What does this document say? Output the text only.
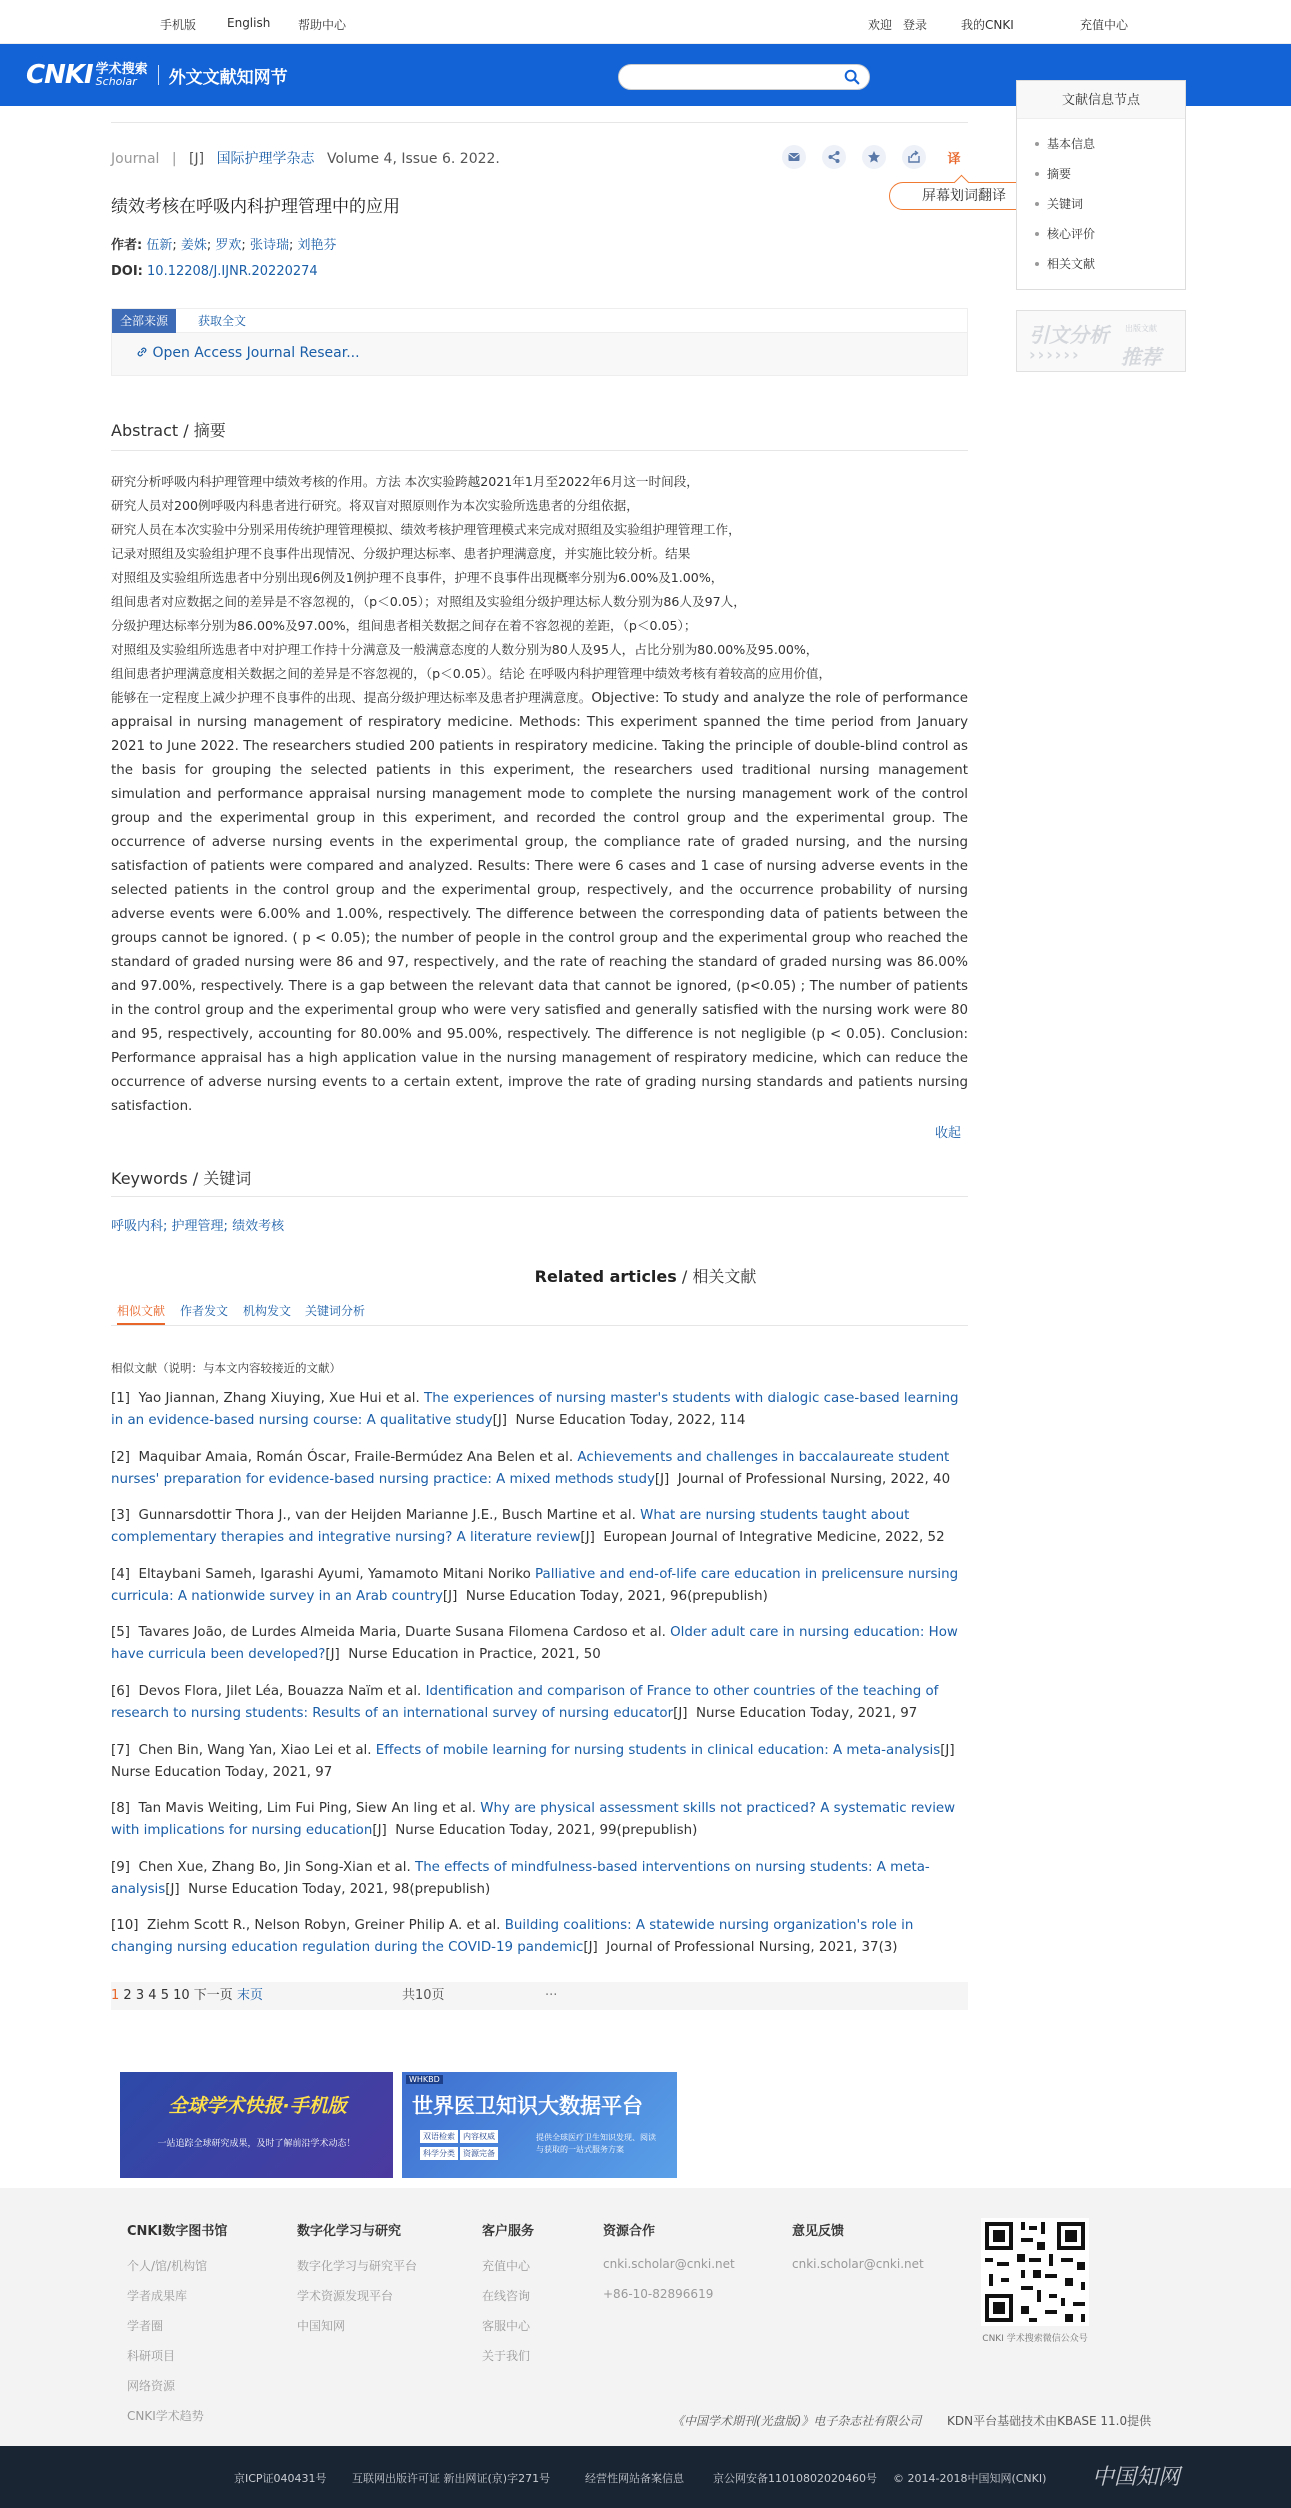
手机版	English 帮助中心	欢迎 登录	我的CNKI	充值中心
CNKI 学术搜索
Scholar	外文文献知网节
Journal | [J] 国际护理学杂志 Volume 4, Issue 6. 2022.	译
屏幕划词翻译
绩效考核在呼吸内科护理管理中的应用
作者: 伍新; 姜姝; 罗欢; 张诗瑞; 刘艳芬
DOI: 10.12208/J.IJNR.20220274
全部来源	获取全文
Open Access Journal Resear...
Abstract / 摘要
研究分析呼吸内科护理管理中绩效考核的作用。方法 本次实验跨越2021年1月至2022年6月这一时间段，
研究人员对200例呼吸内科患者进行研究。将双盲对照原则作为本次实验所选患者的分组依据，
研究人员在本次实验中分别采用传统护理管理模拟、绩效考核护理管理模式来完成对照组及实验组护理管理工作，
记录对照组及实验组护理不良事件出现情况、分级护理达标率、患者护理满意度，并实施比较分析。结果
对照组及实验组所选患者中分别出现6例及1例护理不良事件，护理不良事件出现概率分别为6.00%及1.00%，
组间患者对应数据之间的差异是不容忽视的，（p＜0.05）；对照组及实验组分级护理达标人数分别为86人及97人，
分级护理达标率分别为86.00%及97.00%，组间患者相关数据之间存在着不容忽视的差距，（p＜0.05）；
对照组及实验组所选患者中对护理工作持十分满意及一般满意态度的人数分别为80人及95人，占比分别为80.00%及95.00%，
组间患者护理满意度相关数据之间的差异是不容忽视的，（p＜0.05）。结论 在呼吸内科护理管理中绩效考核有着较高的应用价值，
能够在一定程度上减少护理不良事件的出现、提高分级护理达标率及患者护理满意度。Objective: To study and analyze the role of performance appraisal in nursing management of respiratory medicine. Methods: This experiment spanned the time period from January 2021 to June 2022. The researchers studied 200 patients in respiratory medicine. Taking the principle of double-blind control as the basis for grouping the selected patients in this experiment, the researchers used traditional nursing management simulation and performance appraisal nursing management mode to complete the nursing management work of the control group and the experimental group in this experiment, and recorded the control group and the experimental group. The occurrence of adverse nursing events in the experimental group, the compliance rate of graded nursing, and the nursing satisfaction of patients were compared and analyzed. Results: There were 6 cases and 1 case of nursing adverse events in the selected patients in the control group and the experimental group, respectively, and the occurrence probability of nursing adverse events were 6.00% and 1.00%, respectively. The difference between the corresponding data of patients between the groups cannot be ignored. ( p < 0.05); the number of people in the control group and the experimental group who reached the standard of graded nursing were 86 and 97, respectively, and the rate of reaching the standard of graded nursing was 86.00% and 97.00%, respectively. There is a gap between the relevant data that cannot be ignored, (p<0.05) ; The number of patients in the control group and the experimental group who were very satisfied and generally satisfied with the nursing work were 80 and 95, respectively, accounting for 80.00% and 95.00%, respectively. The difference is not negligible (p < 0.05). Conclusion: Performance appraisal has a high application value in the nursing management of respiratory medicine, which can reduce the occurrence of adverse nursing events to a certain extent, improve the rate of grading nursing standards and patients nursing satisfaction.
收起
Keywords / 关键词
呼吸内科; 护理管理; 绩效考核
Related articles / 相关文献
相似文献 作者发文 机构发文 关键词分析
相似文献（说明：与本文内容较接近的文献）
[1] Yao Jiannan, Zhang Xiuying, Xue Hui et al. The experiences of nursing master's students with dialogic case-based learning in an evidence-based nursing course: A qualitative study[J] Nurse Education Today, 2022, 114
[2] Maquibar Amaia, Román Óscar, Fraile-Bermúdez Ana Belen et al. Achievements and challenges in baccalaureate student nurses' preparation for evidence-based nursing practice: A mixed methods study[J] Journal of Professional Nursing, 2022, 40
[3] Gunnarsdottir Thora J., van der Heijden Marianne J.E., Busch Martine et al. What are nursing students taught about complementary therapies and integrative nursing? A literature review[J] European Journal of Integrative Medicine, 2022, 52
[4] Eltaybani Sameh, Igarashi Ayumi, Yamamoto Mitani Noriko Palliative and end-of-life care education in prelicensure nursing curricula: A nationwide survey in an Arab country[J] Nurse Education Today, 2021, 96(prepublish)
[5] Tavares João, de Lurdes Almeida Maria, Duarte Susana Filomena Cardoso et al. Older adult care in nursing education: How have curricula been developed?[J] Nurse Education in Practice, 2021, 50
[6] Devos Flora, Jilet Léa, Bouazza Naïm et al. Identification and comparison of France to other countries of the teaching of research to nursing students: Results of an international survey of nursing educator[J] Nurse Education Today, 2021, 97
[7] Chen Bin, Wang Yan, Xiao Lei et al. Effects of mobile learning for nursing students in clinical education: A meta-analysis[J]  Nurse Education Today, 2021, 97
[8] Tan Mavis Weiting, Lim Fui Ping, Siew An ling et al. Why are physical assessment skills not practiced? A systematic review with implications for nursing education[J] Nurse Education Today, 2021, 99(prepublish)
[9] Chen Xue, Zhang Bo, Jin Song-Xian et al. The effects of mindfulness-based interventions on nursing students: A meta-analysis[J] Nurse Education Today, 2021, 98(prepublish)
[10] Ziehm Scott R., Nelson Robyn, Greiner Philip A. et al. Building coalitions: A statewide nursing organization's role in changing nursing education regulation during the COVID-19 pandemic[J] Journal of Professional Nursing, 2021, 37(3)
共10页
1 2 3 4 5	···
10 下一页 末页
全球学术快报·手机版
一站追踪全球研究成果，及时了解前沿学术动态！
WHKBD
世界医卫知识大数据平台
双语检索 内容权威 科学分类 资源完备
提供全球医疗卫生知识发现、阅读与获取的一站式服务方案
文献信息节点
基本信息
摘要
关键词
核心评价
相关文献
引文分析
››››››
出版文献
推荐
CNKI数字图书馆
个人/馆/机构馆
学者成果库
学者圈
科研项目
网络资源
CNKI学术趋势
数字化学习与研究
数字化学习与研究平台
学术资源发现平台
中国知网
客户服务
充值中心
在线咨询
客服中心
关于我们
资源合作
cnki.scholar@cnki.net
+86-10-82896619
意见反馈
cnki.scholar@cnki.net
CNKI 学术搜索微信公众号
《中国学术期刊(光盘版)》电子杂志社有限公司 KDN平台基础技术由KBASE 11.0提供
京ICP证040431号 互联网出版许可证 新出网证(京)字271号	经营性网站备案信息	京公网安备11010802020460号 © 2014-2018中国知网(CNKI) 中国知网
